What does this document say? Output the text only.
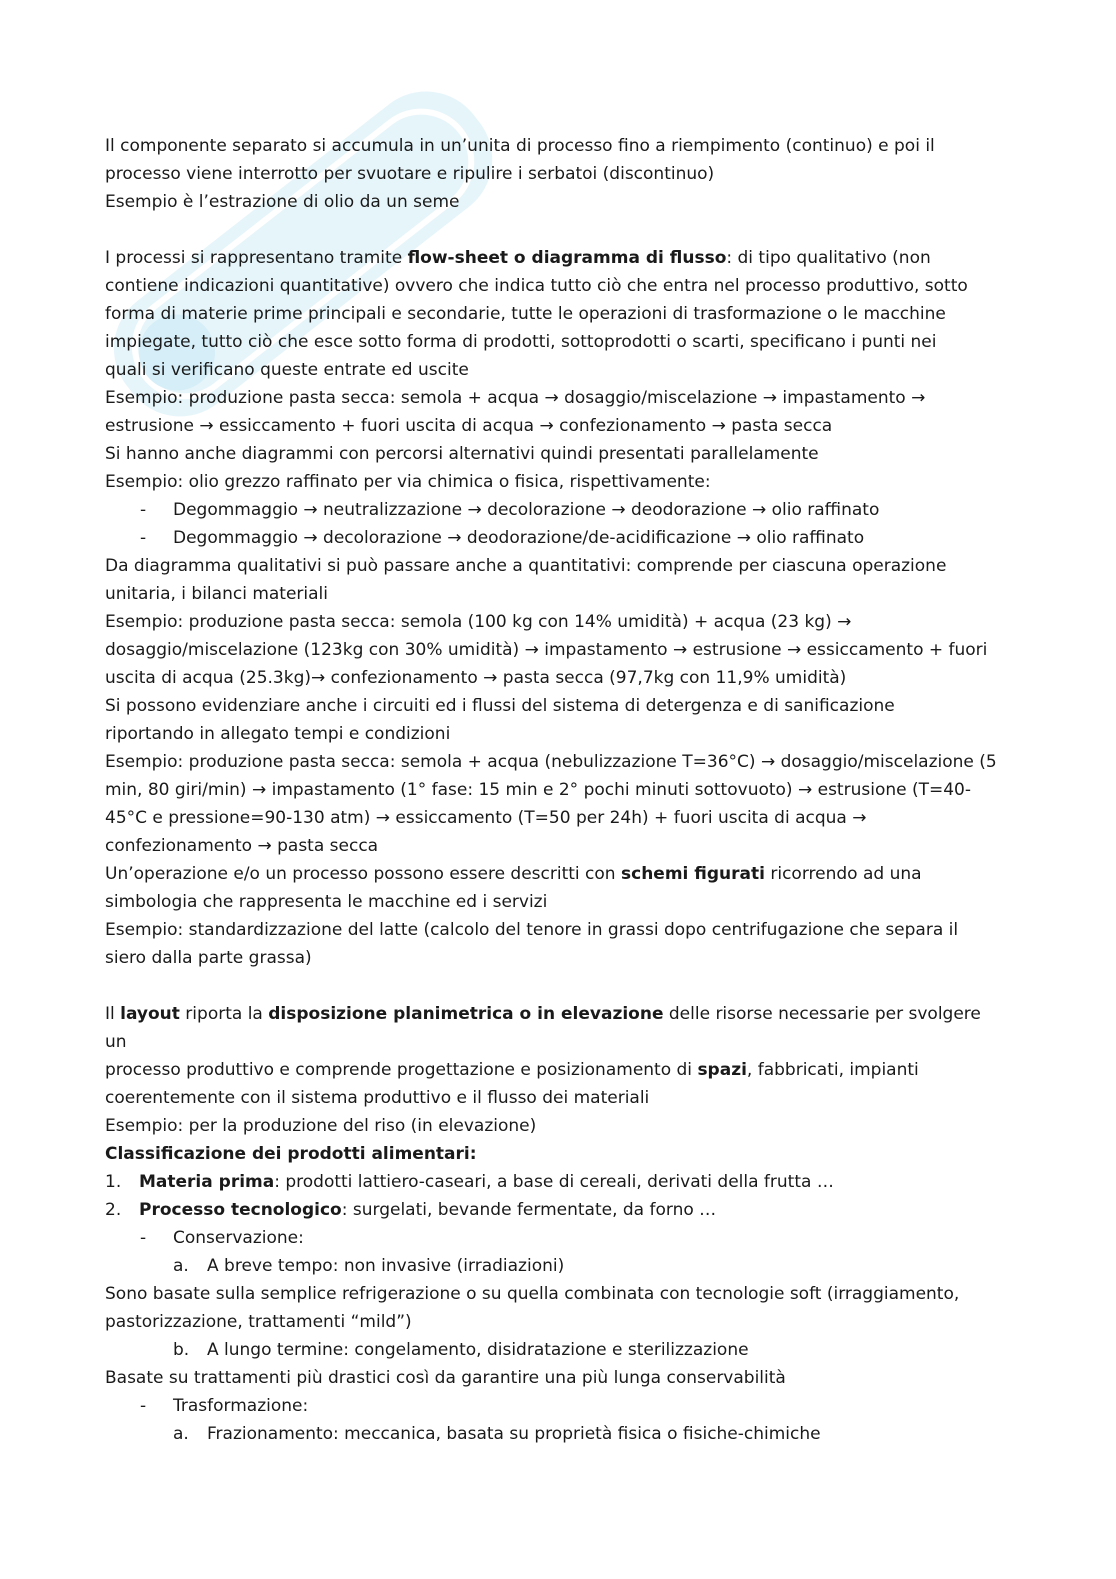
Il componente separato si accumula in un’unita di processo fino a riempimento (continuo) e poi il

processo viene interrotto per svuotare e ripulire i serbatoi (discontinuo)

Esempio è l’estrazione di olio da un seme

I processi si rappresentano tramite flow-sheet o diagramma di flusso: di tipo qualitativo (non

contiene indicazioni quantitative) ovvero che indica tutto ciò che entra nel processo produttivo, sotto

forma di materie prime principali e secondarie, tutte le operazioni di trasformazione o le macchine

impiegate, tutto ciò che esce sotto forma di prodotti, sottoprodotti o scarti, specificano i punti nei

quali si verificano queste entrate ed uscite

Esempio: produzione pasta secca: semola + acqua → dosaggio/miscelazione → impastamento →

estrusione → essiccamento + fuori uscita di acqua → confezionamento → pasta secca

Si hanno anche diagrammi con percorsi alternativi quindi presentati parallelamente

Esempio: olio grezzo raffinato per via chimica o fisica, rispettivamente:

- Degommaggio → neutralizzazione → decolorazione → deodorazione → olio raffinato

- Degommaggio → decolorazione → deodorazione/de-acidificazione → olio raffinato

Da diagramma qualitativi si può passare anche a quantitativi: comprende per ciascuna operazione

unitaria, i bilanci materiali

Esempio: produzione pasta secca: semola (100 kg con 14% umidità) + acqua (23 kg) →

dosaggio/miscelazione (123kg con 30% umidità) → impastamento → estrusione → essiccamento + fuori

uscita di acqua (25.3kg)→ confezionamento → pasta secca (97,7kg con 11,9% umidità)

Si possono evidenziare anche i circuiti ed i flussi del sistema di detergenza e di sanificazione

riportando in allegato tempi e condizioni

Esempio: produzione pasta secca: semola + acqua (nebulizzazione T=36°C) → dosaggio/miscelazione (5

min, 80 giri/min) → impastamento (1° fase: 15 min e 2° pochi minuti sottovuoto) → estrusione (T=40-

45°C e pressione=90-130 atm) → essiccamento (T=50 per 24h) + fuori uscita di acqua →

confezionamento → pasta secca

Un’operazione e/o un processo possono essere descritti con schemi figurati ricorrendo ad una

simbologia che rappresenta le macchine ed i servizi

Esempio: standardizzazione del latte (calcolo del tenore in grassi dopo centrifugazione che separa il

siero dalla parte grassa)

Il layout riporta la disposizione planimetrica o in elevazione delle risorse necessarie per svolgere un

processo produttivo e comprende progettazione e posizionamento di spazi, fabbricati, impianti

coerentemente con il sistema produttivo e il flusso dei materiali

Esempio: per la produzione del riso (in elevazione)

Classificazione dei prodotti alimentari:

1. Materia prima: prodotti lattiero-caseari, a base di cereali, derivati della frutta …

2. Processo tecnologico: surgelati, bevande fermentate, da forno …

- Conservazione:

a. A breve tempo: non invasive (irradiazioni)

Sono basate sulla semplice refrigerazione o su quella combinata con tecnologie soft (irraggiamento,

pastorizzazione, trattamenti “mild”)

b. A lungo termine: congelamento, disidratazione e sterilizzazione

Basate su trattamenti più drastici così da garantire una più lunga conservabilità

- Trasformazione:

a. Frazionamento: meccanica, basata su proprietà fisica o fisiche-chimiche
